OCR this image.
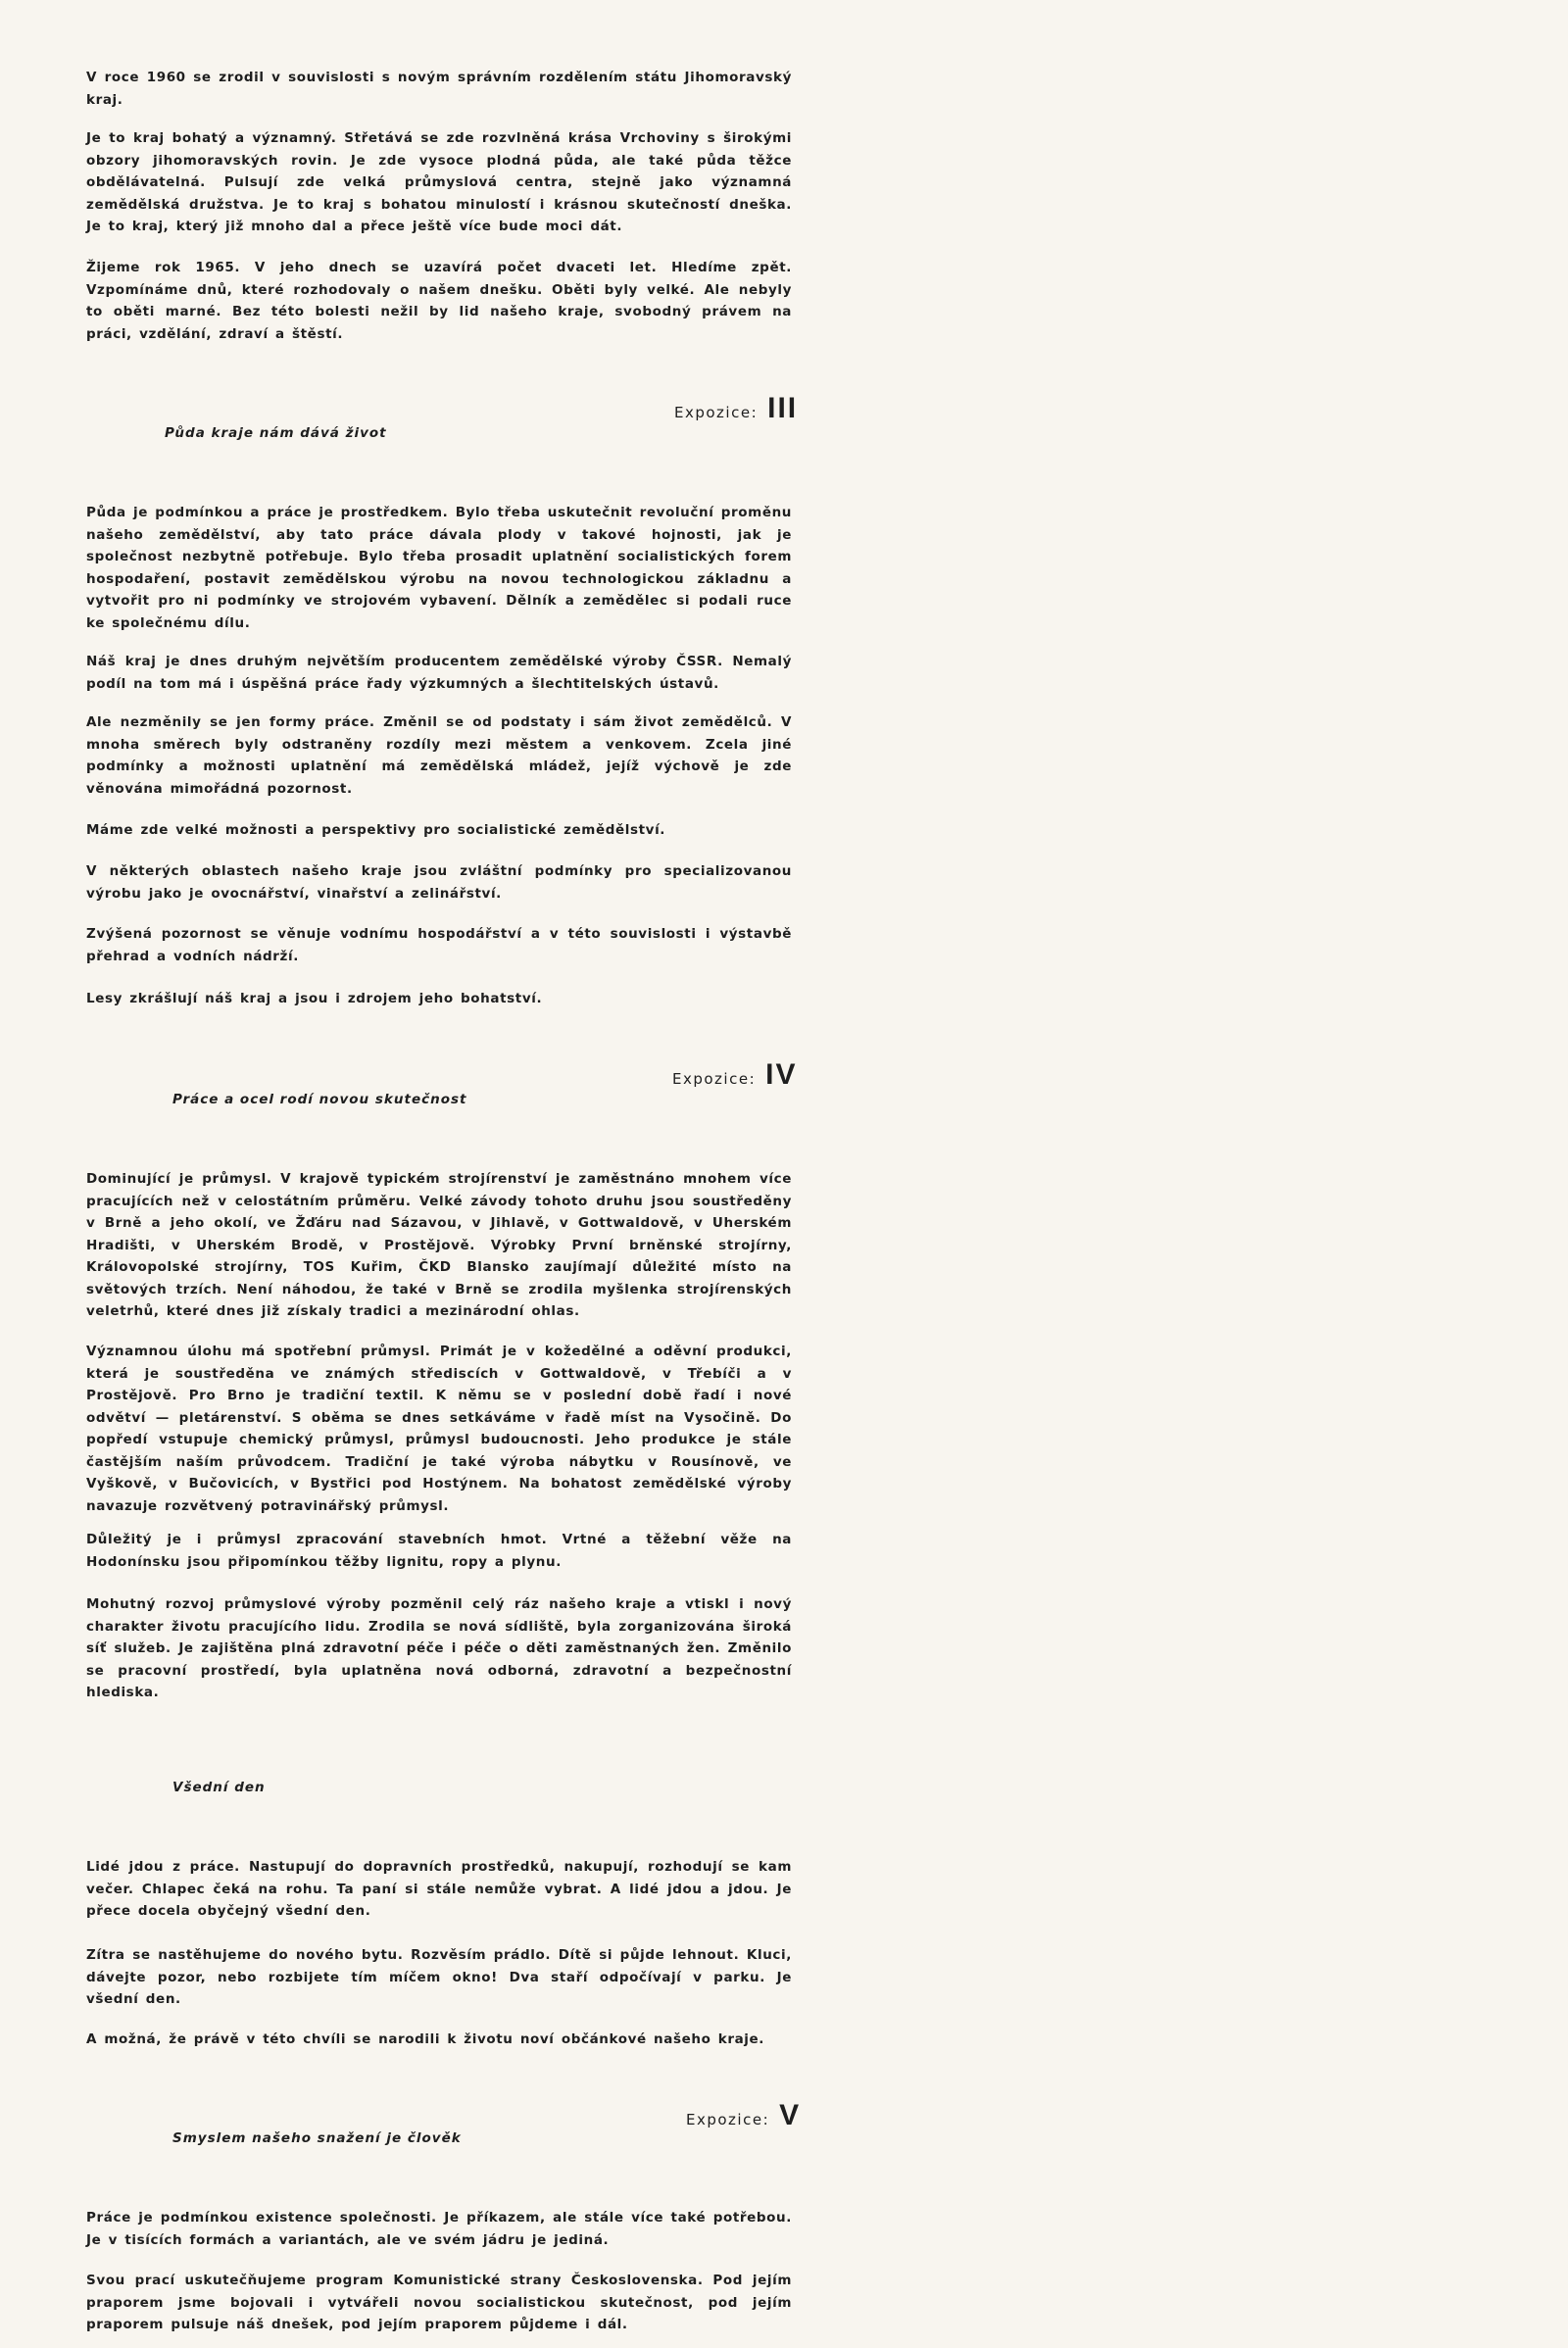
V roce 1960 se zrodil v souvislosti s novým správním rozdělením státu Jihomoravský kraj.

Je to kraj bohatý a významný. Střetává se zde rozvlněná krása Vrchoviny s širokými obzory jihomoravských rovin. Je zde vysoce plodná půda, ale také půda těžce obdělávatelná. Pulsují zde velká průmyslová centra, stejně jako významná zemědělská družstva. Je to kraj s bohatou minulostí i krásnou skutečností dneška. Je to kraj, který již mnoho dal a přece ještě více bude moci dát.

Žijeme rok 1965. V jeho dnech se uzavírá počet dvaceti let. Hledíme zpět. Vzpomínáme dnů, které rozhodovaly o našem dnešku. Oběti byly velké. Ale nebyly to oběti marné. Bez této bolesti nežil by lid našeho kraje, svobodný právem na práci, vzdělání, zdraví a štěstí.

Expozice: III

Půda kraje nám dává život

Půda je podmínkou a práce je prostředkem. Bylo třeba uskutečnit revoluční proměnu našeho zemědělství, aby tato práce dávala plody v takové hojnosti, jak je společnost nezbytně potřebuje. Bylo třeba prosadit uplatnění socialistických forem hospodaření, postavit zemědělskou výrobu na novou technologickou základnu a vytvořit pro ni podmínky ve strojovém vybavení. Dělník a zemědělec si podali ruce ke společnému dílu.

Náš kraj je dnes druhým největším producentem zemědělské výroby ČSSR. Nemalý podíl na tom má i úspěšná práce řady výzkumných a šlechtitelských ústavů.

Ale nezměnily se jen formy práce. Změnil se od podstaty i sám život zemědělců. V mnoha směrech byly odstraněny rozdíly mezi městem a venkovem. Zcela jiné podmínky a možnosti uplatnění má zemědělská mládež, jejíž výchově je zde věnována mimořádná pozornost.

Máme zde velké možnosti a perspektivy pro socialistické zemědělství.

V některých oblastech našeho kraje jsou zvláštní podmínky pro specializovanou výrobu jako je ovocnářství, vinařství a zelinářství.

Zvýšená pozornost se věnuje vodnímu hospodářství a v této souvislosti i výstavbě přehrad a vodních nádrží.

Lesy zkrášlují náš kraj a jsou i zdrojem jeho bohatství.

Expozice: IV

Práce a ocel rodí novou skutečnost

Dominující je průmysl. V krajově typickém strojírenství je zaměstnáno mnohem více pracujících než v celostátním průměru. Velké závody tohoto druhu jsou soustředěny v Brně a jeho okolí, ve Žďáru nad Sázavou, v Jihlavě, v Gottwaldově, v Uherském Hradišti, v Uherském Brodě, v Prostějově. Výrobky První brněnské strojírny, Královopolské strojírny, TOS Kuřim, ČKD Blansko zaujímají důležité místo na světových trzích. Není náhodou, že také v Brně se zrodila myšlenka strojírenských veletrhů, které dnes již získaly tradici a mezinárodní ohlas.

Významnou úlohu má spotřební průmysl. Primát je v kožedělné a oděvní produkci, která je soustředěna ve známých střediscích v Gottwaldově, v Třebíči a v Prostějově. Pro Brno je tradiční textil. K němu se v poslední době řadí i nové odvětví — pletárenství. S oběma se dnes setkáváme v řadě míst na Vysočině. Do popředí vstupuje chemický průmysl, průmysl budoucnosti. Jeho produkce je stále častějším naším průvodcem. Tradiční je také výroba nábytku v Rousínově, ve Vyškově, v Bučovicích, v Bystřici pod Hostýnem. Na bohatost zemědělské výroby navazuje rozvětvený potravinářský průmysl.

Důležitý je i průmysl zpracování stavebních hmot. Vrtné a těžební věže na Hodonínsku jsou připomínkou těžby lignitu, ropy a plynu.

Mohutný rozvoj průmyslové výroby pozměnil celý ráz našeho kraje a vtiskl i nový charakter životu pracujícího lidu. Zrodila se nová sídliště, byla zorganizována široká síť služeb. Je zajištěna plná zdravotní péče i péče o děti zaměstnaných žen. Změnilo se pracovní prostředí, byla uplatněna nová odborná, zdravotní a bezpečnostní hlediska.

Všední den

Lidé jdou z práce. Nastupují do dopravních prostředků, nakupují, rozhodují se kam večer. Chlapec čeká na rohu. Ta paní si stále nemůže vybrat. A lidé jdou a jdou. Je přece docela obyčejný všední den.

Zítra se nastěhujeme do nového bytu. Rozvěsím prádlo. Dítě si půjde lehnout. Kluci, dávejte pozor, nebo rozbijete tím míčem okno! Dva staří odpočívají v parku. Je všední den.

A možná, že právě v této chvíli se narodili k životu noví občánkové našeho kraje.

Expozice: V

Smyslem našeho snažení je člověk

Práce je podmínkou existence společnosti. Je příkazem, ale stále více také potřebou. Je v tisících formách a variantách, ale ve svém jádru je jediná.

Svou prací uskutečňujeme program Komunistické strany Československa. Pod jejím praporem jsme bojovali i vytvářeli novou socialistickou skutečnost, pod jejím praporem pulsuje náš dnešek, pod jejím praporem půjdeme i dál.
